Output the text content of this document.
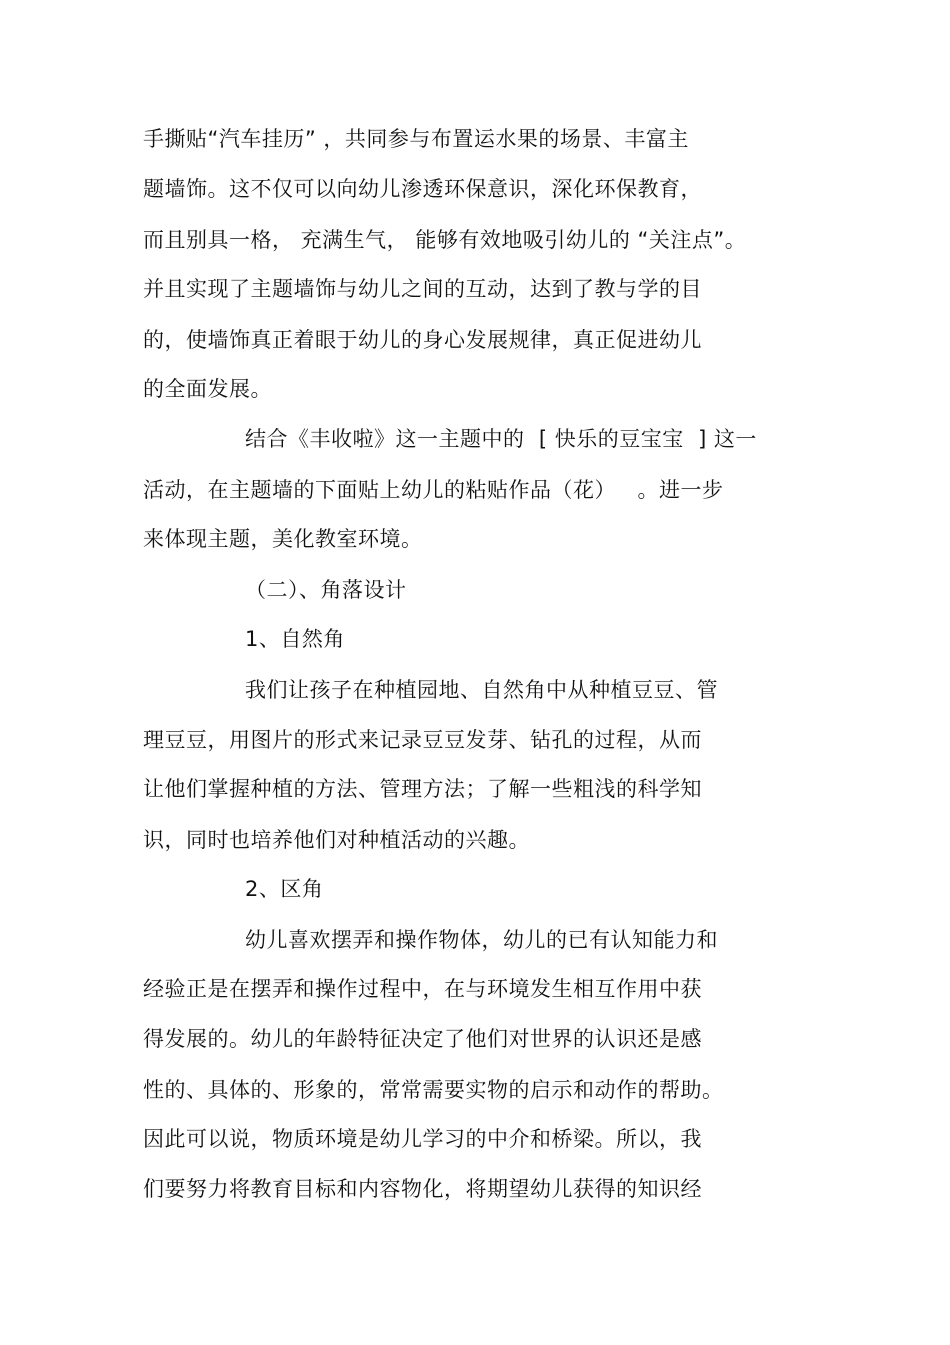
手撕贴“汽车挂历” ，共同参与布置运水果的场景、丰富主
题墙饰。这不仅可以向幼儿渗透环保意识，深化环保教育，
而且别具一格， 充满生气， 能够有效地吸引幼儿的 “关注点”。
并且实现了主题墙饰与幼儿之间的互动，达到了教与学的目
的，使墙饰真正着眼于幼儿的身心发展规律，真正促进幼儿
的全面发展。
结合《丰收啦》这一主题中的  [ 快乐的豆宝宝  ] 这一
活动，在主题墙的下面贴上幼儿的粘贴作品（花）   。进一步
来体现主题，美化教室环境。
（二）、角落设计
1、自然角
我们让孩子在种植园地、自然角中从种植豆豆、管
理豆豆，用图片的形式来记录豆豆发芽、钻孔的过程，从而
让他们掌握种植的方法、管理方法；了解一些粗浅的科学知
识，同时也培养他们对种植活动的兴趣。
2、区角
幼儿喜欢摆弄和操作物体，幼儿的已有认知能力和
经验正是在摆弄和操作过程中，在与环境发生相互作用中获
得发展的。幼儿的年龄特征决定了他们对世界的认识还是感
性的、具体的、形象的，常常需要实物的启示和动作的帮助。
因此可以说，物质环境是幼儿学习的中介和桥梁。所以，我
们要努力将教育目标和内容物化，将期望幼儿获得的知识经
